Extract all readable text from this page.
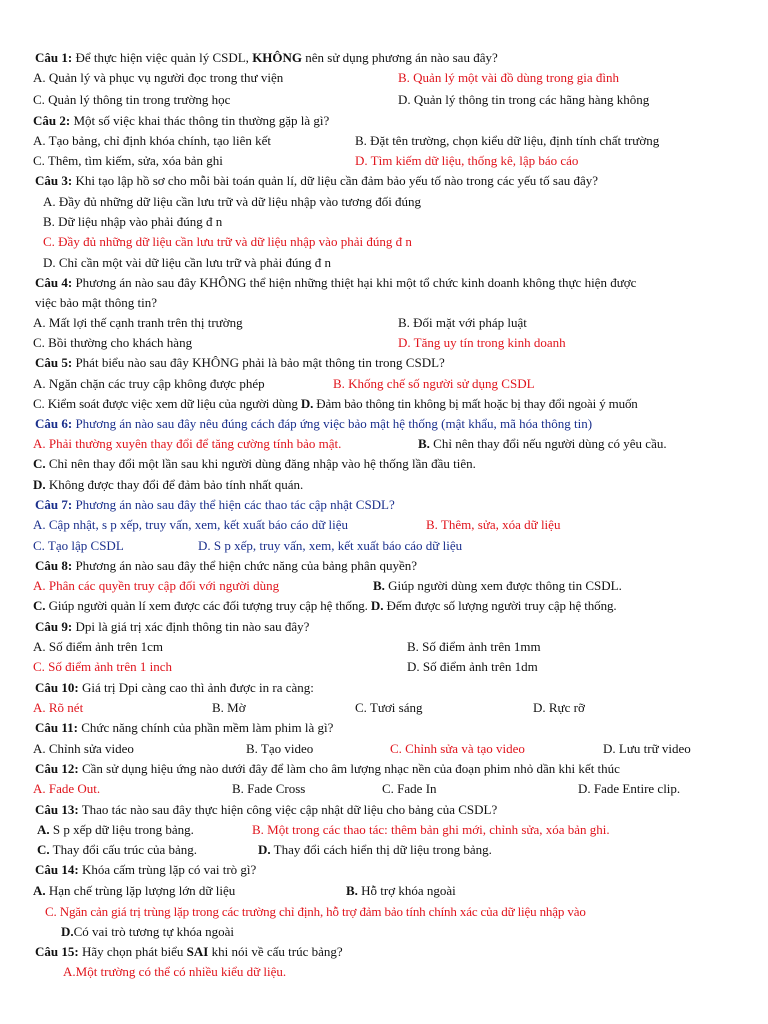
Câu 1: Để thực hiện việc quản lý CSDL, KHÔNG nên sử dụng phương án nào sau đây?
A. Quản lý và phục vụ người đọc trong thư viện	B. Quản lý một vài đồ dùng trong gia đình
C. Quản lý thông tin trong trường học	D. Quản lý thông tin trong các hãng hàng không
Câu 2: Một số việc khai thác thông tin thường gặp là gì?
A. Tạo bảng, chỉ định khóa chính, tạo liên kết	B. Đặt tên trường, chọn kiểu dữ liệu, định tính chất trường
C. Thêm, tìm kiếm, sửa, xóa bản ghi	D. Tìm kiếm dữ liệu, thống kê, lập báo cáo
Câu 3: Khi tạo lập hồ sơ cho mỗi bài toán quản lí, dữ liệu cần đảm bảo yếu tố nào trong các yếu tố sau đây?
A. Đầy đủ những dữ liệu cần lưu trữ và dữ liệu nhập vào tương đối đúng
B. Dữ liệu nhập vào phải đúng đ n
C. Đầy đủ những dữ liệu cần lưu trữ và dữ liệu nhập vào phải đúng đ n
D. Chỉ cần một vài dữ liệu cần lưu trữ và phải đúng đ n
Câu 4: Phương án nào sau đây KHÔNG thể hiện những thiệt hại khi một tổ chức kinh doanh không thực hiện được
việc bảo mật thông tin?
A. Mất lợi thế cạnh tranh trên thị trường	B. Đối mặt với pháp luật
C. Bồi thường cho khách hàng	D. Tăng uy tín trong kinh doanh
Câu 5: Phát biểu nào sau đây KHÔNG phải là bảo mật thông tin trong CSDL?
A. Ngăn chặn các truy cập không được phép	B. Khống chế số người sử dụng CSDL
C. Kiểm soát được việc xem dữ liệu của người dùng D. Đảm bảo thông tin không bị mất hoặc bị thay đổi ngoài ý muốn
Câu 6: Phương án nào sau đây nêu đúng cách đáp ứng việc bảo mật hệ thống (mật khẩu, mã hóa thông tin)
A. Phải thường xuyên thay đổi để tăng cường tính bảo mật.	B. Chỉ nên thay đổi nếu người dùng có yêu cầu.
C. Chỉ nên thay đổi một lần sau khi người dùng đăng nhập vào hệ thống lần đầu tiên.
D. Không được thay đổi để đảm bảo tính nhất quán.
Câu 7: Phương án nào sau đây thể hiện các thao tác cập nhật CSDL?
A. Cập nhật, s p xếp, truy vấn, xem, kết xuất báo cáo dữ liệu	B. Thêm, sửa, xóa dữ liệu
C. Tạo lập CSDL	D. S p xếp, truy vấn, xem, kết xuất báo cáo dữ liệu
Câu 8: Phương án nào sau đây thể hiện chức năng của bảng phân quyền?
A. Phân các quyền truy cập đối với người dùng	B. Giúp người dùng xem được thông tin CSDL.
C. Giúp người quản lí xem được các đối tượng truy cập hệ thống. D. Đếm được số lượng người truy cập hệ thống.
Câu 9: Dpi là giá trị xác định thông tin nào sau đây?
A. Số điểm ảnh trên 1cm	B. Số điểm ảnh trên 1mm
C. Số điểm ảnh trên 1 inch	D. Số điểm ảnh trên 1dm
Câu 10: Giá trị Dpi càng cao thì ảnh được in ra càng:
A. Rõ nét	B. Mờ	C. Tươi sáng	D. Rực rỡ
Câu 11: Chức năng chính của phần mềm làm phim là gì?
A. Chỉnh sửa video	B. Tạo video	C. Chỉnh sửa và tạo video	D. Lưu trữ video
Câu 12: Cần sử dụng hiệu ứng nào dưới đây để làm cho âm lượng nhạc nền của đoạn phim nhỏ dần khi kết thúc
A. Fade Out.	B. Fade Cross	C. Fade In	D. Fade Entire clip.
Câu 13: Thao tác nào sau đây thực hiện công việc cập nhật dữ liệu cho bảng của CSDL?
A. S p xếp dữ liệu trong bảng.	B. Một trong các thao tác: thêm bản ghi mới, chỉnh sửa, xóa bản ghi.
C. Thay đổi cấu trúc của bảng.	D. Thay đổi cách hiển thị dữ liệu trong bảng.
Câu 14: Khóa cấm trùng lặp có vai trò gì?
A. Hạn chế trùng lặp lượng lớn dữ liệu	B. Hỗ trợ khóa ngoài
C. Ngăn cản giá trị trùng lặp trong các trường chỉ định, hỗ trợ đảm bảo tính chính xác của dữ liệu nhập vào
D.Có vai trò tương tự khóa ngoài
Câu 15: Hãy chọn phát biểu SAI khi nói về cấu trúc bảng?
A.Một trường có thể có nhiều kiểu dữ liệu.
